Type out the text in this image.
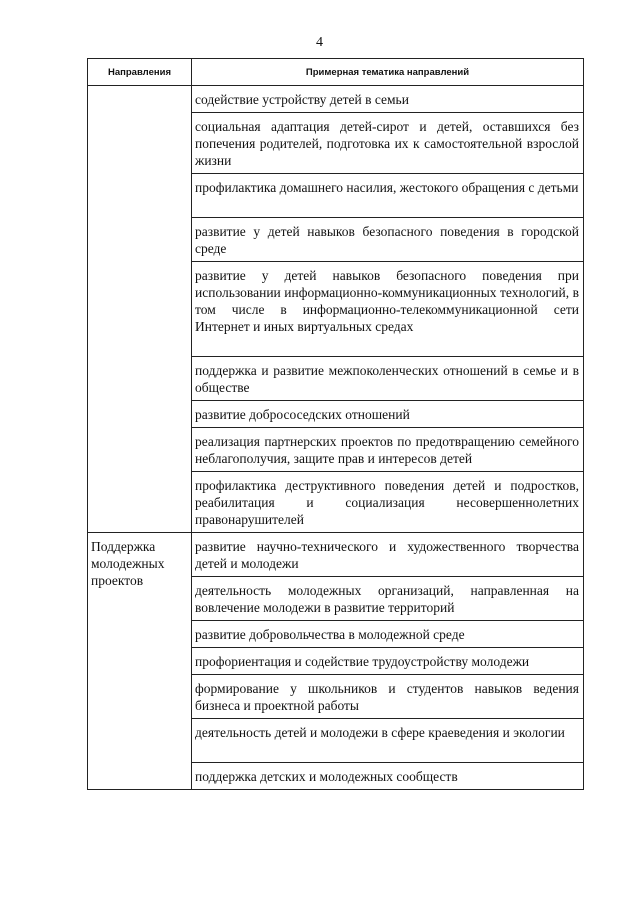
4
Направления	Примерная тематика направлений
	содействие устройству детей в семьи
	социальная адаптация детей-сирот и детей, оставшихся без попечения родителей, подготовка их к самостоятельной взрослой жизни
	профилактика домашнего насилия, жестокого обращения с детьми
	развитие у детей навыков безопасного поведения в городской среде
	развитие у детей навыков безопасного поведения при использовании информационно-коммуникационных технологий, в том числе в информационно-телекоммуникационной сети Интернет и иных виртуальных средах
	поддержка и развитие межпоколенческих отношений в семье и в обществе
	развитие добрососедских отношений
	реализация партнерских проектов по предотвращению семейного неблагополучия, защите прав и интересов детей
	профилактика деструктивного поведения детей и подростков, реабилитация и социализация несовершеннолетних правонарушителей
Поддержка молодежных проектов	развитие научно-технического и художественного творчества детей и молодежи
	деятельность молодежных организаций, направленная на вовлечение молодежи в развитие территорий
	развитие добровольчества в молодежной среде
	профориентация и содействие трудоустройству молодежи
	формирование у школьников и студентов навыков ведения бизнеса и проектной работы
	деятельность детей и молодежи в сфере краеведения и экологии
	поддержка детских и молодежных сообществ
